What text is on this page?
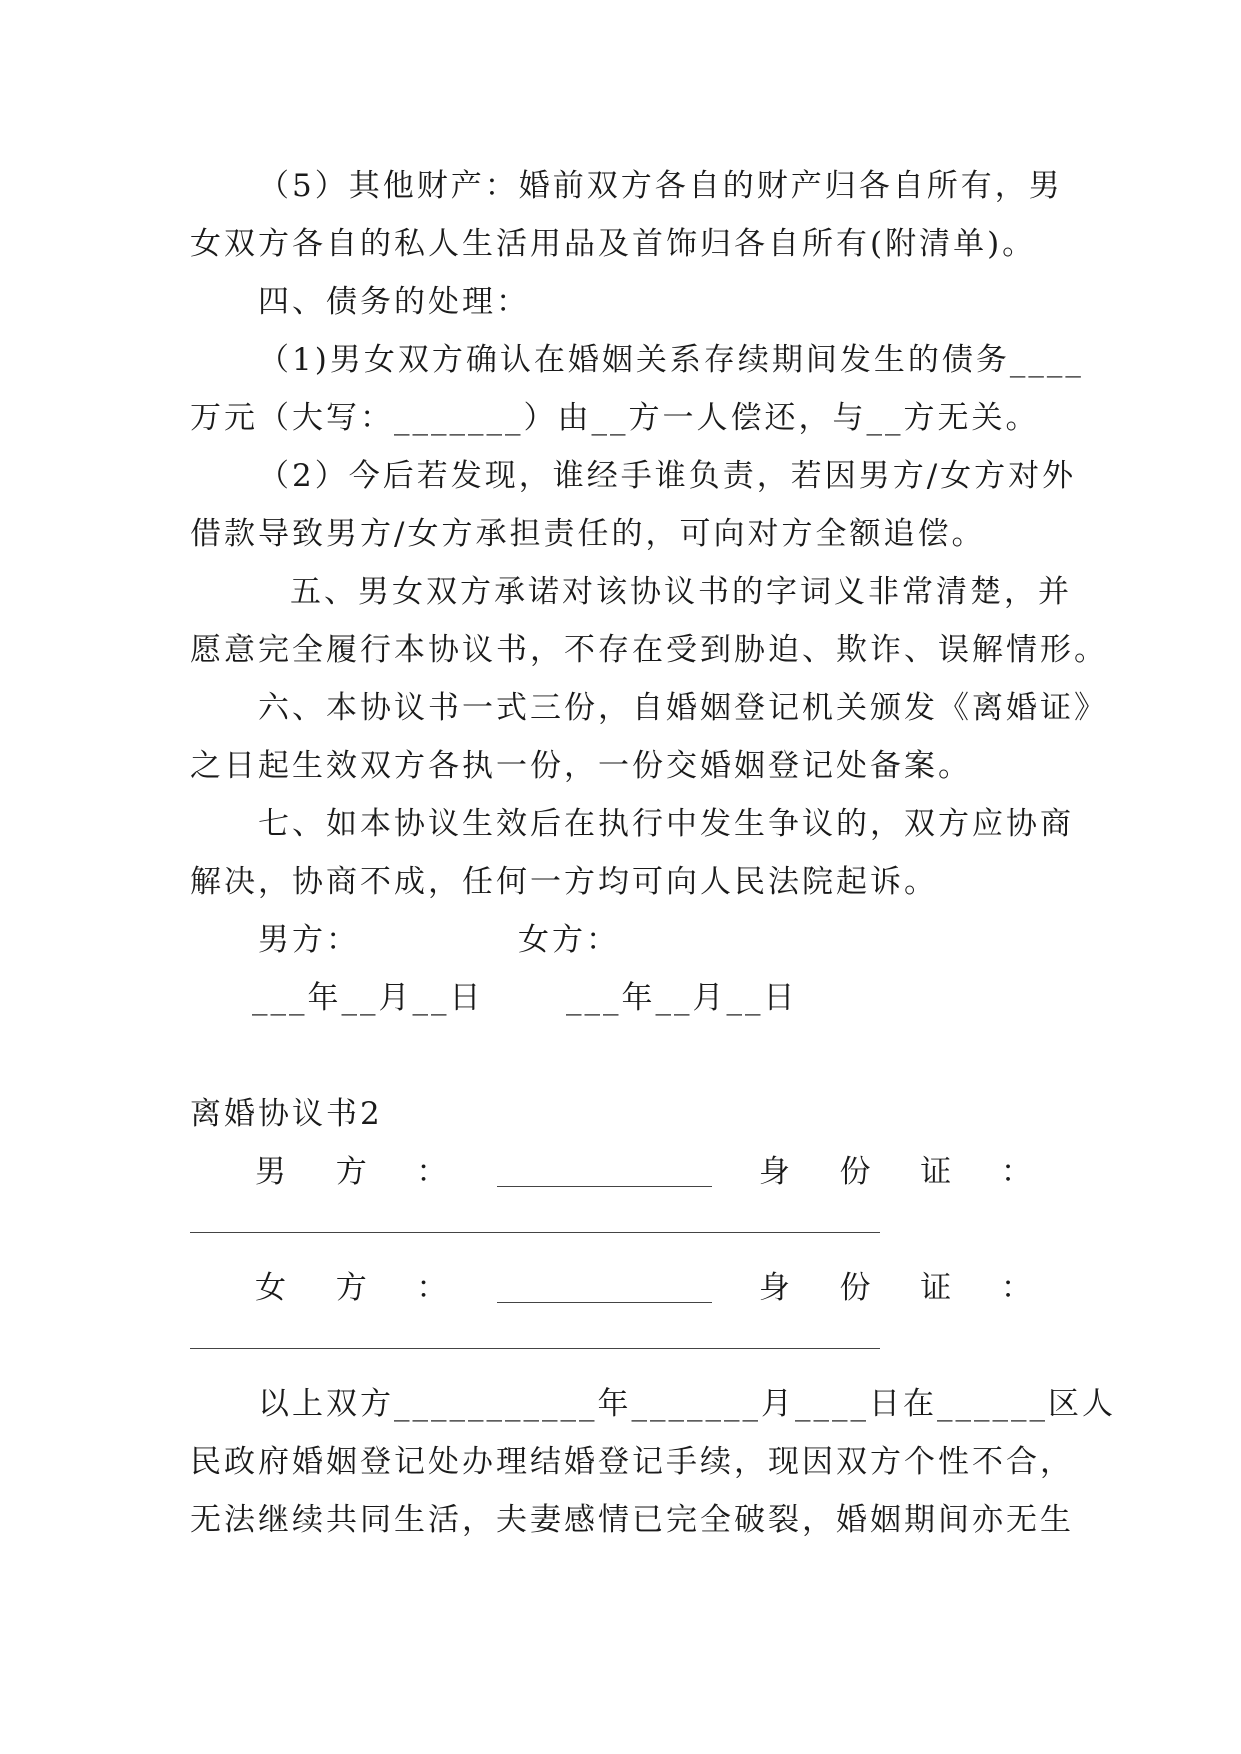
（5）其他财产：婚前双方各自的财产归各自所有，男
女双方各自的私人生活用品及首饰归各自所有(附清单)。
四、债务的处理：
（1)男女双方确认在婚姻关系存续期间发生的债务____
万元（大写：_______）由__方一人偿还，与__方无关。
（2）今后若发现，谁经手谁负责，若因男方/女方对外
借款导致男方/女方承担责任的，可向对方全额追偿。
五、男女双方承诺对该协议书的字词义非常清楚，并
愿意完全履行本协议书，不存在受到胁迫、欺诈、误解情形。
六、本协议书一式三份，自婚姻登记机关颁发《离婚证》
之日起生效双方各执一份，一份交婚姻登记处备案。
七、如本协议生效后在执行中发生争议的，双方应协商
解决，协商不成，任何一方均可向人民法院起诉。
男方：	女方：
___年__月__日	___年__月__日
离婚协议书2
男 方 ：	身 份 证 ：
女 方 ：	身 份 证 ：
以上双方___________年_______月____日在______区人
民政府婚姻登记处办理结婚登记手续，现因双方个性不合，
无法继续共同生活，夫妻感情已完全破裂，婚姻期间亦无生
